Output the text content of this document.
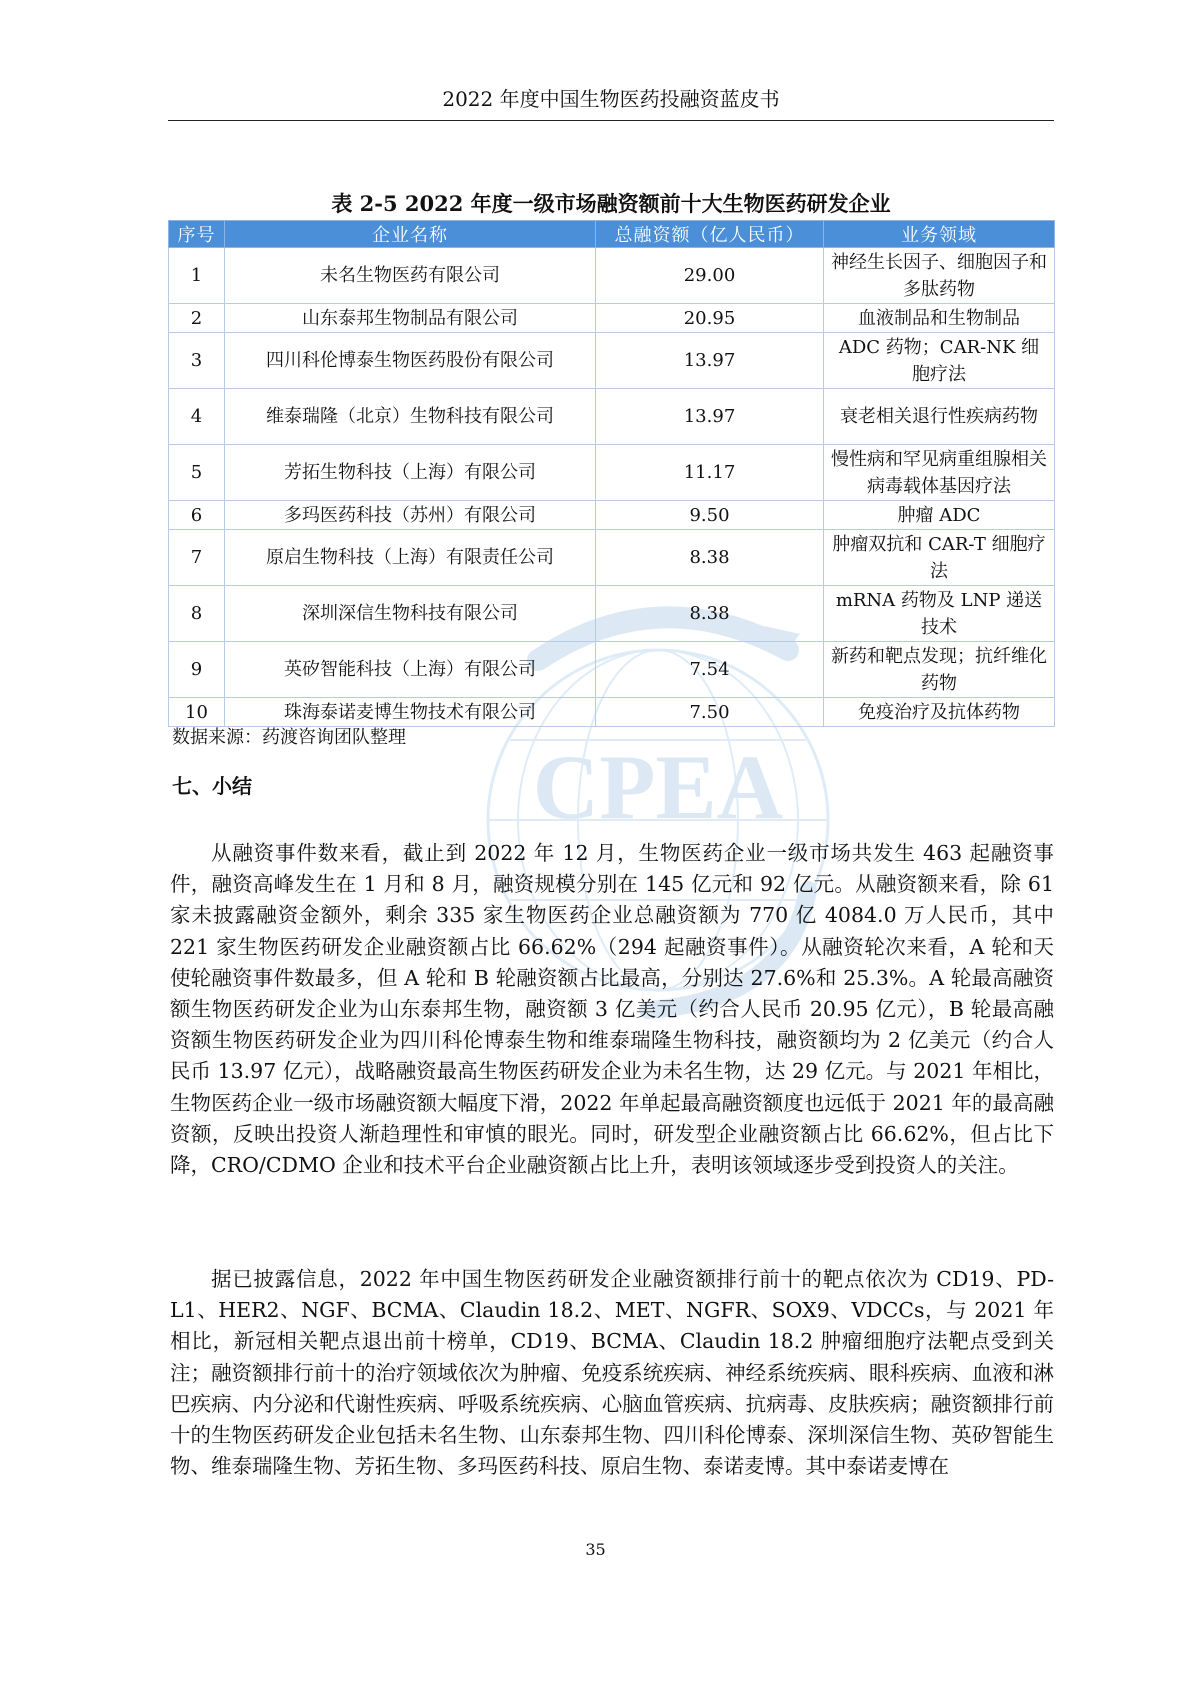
2022 年度中国生物医药投融资蓝皮书
CPEA
表 2-5 2022 年度一级市场融资额前十大生物医药研发企业
序号	企业名称	总融资额（亿人民币）	业务领域
1	未名生物医药有限公司	29.00	神经生长因子、细胞因子和多肽药物
2	山东泰邦生物制品有限公司	20.95	血液制品和生物制品
3	四川科伦博泰生物医药股份有限公司	13.97	ADC 药物；CAR-NK 细胞疗法
4	维泰瑞隆（北京）生物科技有限公司	13.97	衰老相关退行性疾病药物
5	芳拓生物科技（上海）有限公司	11.17	慢性病和罕见病重组腺相关病毒载体基因疗法
6	多玛医药科技（苏州）有限公司	9.50	肿瘤 ADC
7	原启生物科技（上海）有限责任公司	8.38	肿瘤双抗和 CAR-T 细胞疗法
8	深圳深信生物科技有限公司	8.38	mRNA 药物及 LNP 递送技术
9	英矽智能科技（上海）有限公司	7.54	新药和靶点发现；抗纤维化药物
10	珠海泰诺麦博生物技术有限公司	7.50	免疫治疗及抗体药物
数据来源：药渡咨询团队整理
七、小结

从融资事件数来看，截止到 2022 年 12 月，生物医药企业一级市场共发生 463 起融资事件，融资高峰发生在 1 月和 8 月，融资规模分别在 145 亿元和 92 亿元。从融资额来看，除 61 家未披露融资金额外，剩余 335 家生物医药企业总融资额为 770 亿 4084.0 万人民币，其中 221 家生物医药研发企业融资额占比 66.62%（294 起融资事件）。从融资轮次来看，A 轮和天使轮融资事件数最多，但 A 轮和 B 轮融资额占比最高，分别达 27.6%和 25.3%。A 轮最高融资额生物医药研发企业为山东泰邦生物，融资额 3 亿美元（约合人民币 20.95 亿元），B 轮最高融资额生物医药研发企业为四川科伦博泰生物和维泰瑞隆生物科技，融资额均为 2 亿美元（约合人民币 13.97 亿元），战略融资最高生物医药研发企业为未名生物，达 29 亿元。与 2021 年相比，生物医药企业一级市场融资额大幅度下滑，2022 年单起最高融资额度也远低于 2021 年的最高融资额，反映出投资人渐趋理性和审慎的眼光。同时，研发型企业融资额占比 66.62%，但占比下降，CRO/CDMO 企业和技术平台企业融资额占比上升，表明该领域逐步受到投资人的关注。

据已披露信息，2022 年中国生物医药研发企业融资额排行前十的靶点依次为 CD19、PD-L1、HER2、NGF、BCMA、Claudin 18.2、MET、NGFR、SOX9、VDCCs，与 2021 年相比，新冠相关靶点退出前十榜单，CD19、BCMA、Claudin 18.2 肿瘤细胞疗法靶点受到关注；融资额排行前十的治疗领域依次为肿瘤、免疫系统疾病、神经系统疾病、眼科疾病、血液和淋巴疾病、内分泌和代谢性疾病、呼吸系统疾病、心脑血管疾病、抗病毒、皮肤疾病；融资额排行前十的生物医药研发企业包括未名生物、山东泰邦生物、四川科伦博泰、深圳深信生物、英矽智能生物、维泰瑞隆生物、芳拓生物、多玛医药科技、原启生物、泰诺麦博。其中泰诺麦博在

35
